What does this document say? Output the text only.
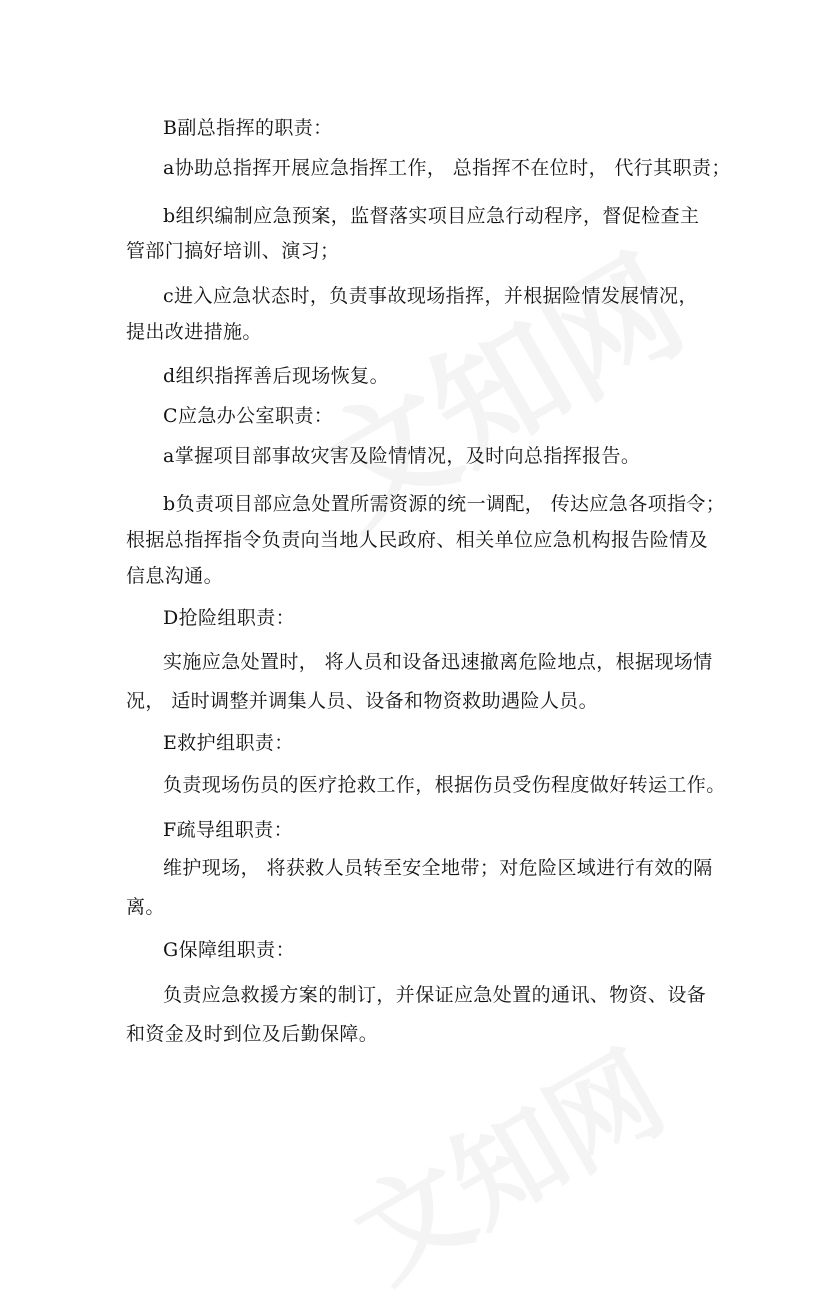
B副总指挥的职责：
a协助总指挥开展应急指挥工作， 总指挥不在位时， 代行其职责；
b组织编制应急预案，监督落实项目应急行动程序，督促检查主
管部门搞好培训、演习；
c进入应急状态时，负责事故现场指挥，并根据险情发展情况，
提出改进措施。
d组织指挥善后现场恢复。
C应急办公室职责：
a掌握项目部事故灾害及险情情况，及时向总指挥报告。
b负责项目部应急处置所需资源的统一调配， 传达应急各项指令；
根据总指挥指令负责向当地人民政府、相关单位应急机构报告险情及
信息沟通。
D抢险组职责：
实施应急处置时， 将人员和设备迅速撤离危险地点，根据现场情
况， 适时调整并调集人员、设备和物资救助遇险人员。
E救护组职责：
负责现场伤员的医疗抢救工作，根据伤员受伤程度做好转运工作。
F疏导组职责：
维护现场， 将获救人员转至安全地带；对危险区域进行有效的隔
离。
G保障组职责：
负责应急救援方案的制订，并保证应急处置的通讯、物资、设备
和资金及时到位及后勤保障。
